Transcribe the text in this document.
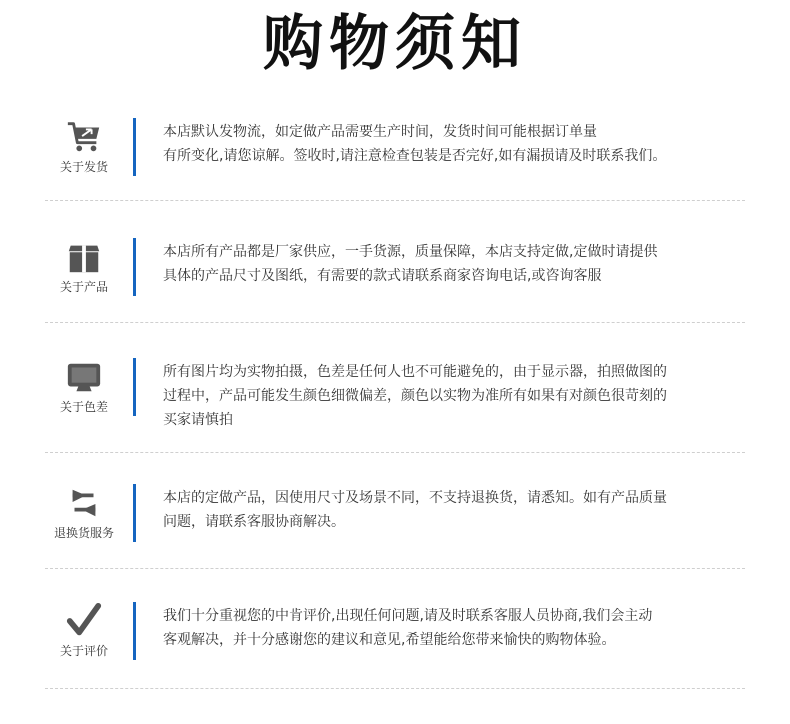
购物须知
关于发货

本店默认发物流，如定做产品需要生产时间，发货时间可能根据订单量

有所变化,请您谅解。签收时,请注意检查包装是否完好,如有漏损请及时联系我们。

关于产品

本店所有产品都是厂家供应，一手货源，质量保障，本店支持定做,定做时请提供

具体的产品尺寸及图纸，有需要的款式请联系商家咨询电话,或咨询客服

关于色差

所有图片均为实物拍摄，色差是任何人也不可能避免的，由于显示器，拍照做图的

过程中，产品可能发生颜色细微偏差，颜色以实物为准所有如果有对颜色很苛刻的

买家请慎拍

退换货服务

本店的定做产品，因使用尺寸及场景不同，不支持退换货，请悉知。如有产品质量

问题，请联系客服协商解决。

关于评价

我们十分重视您的中肯评价,出现任何问题,请及时联系客服人员协商,我们会主动

客观解决，并十分感谢您的建议和意见,希望能给您带来愉快的购物体验。
